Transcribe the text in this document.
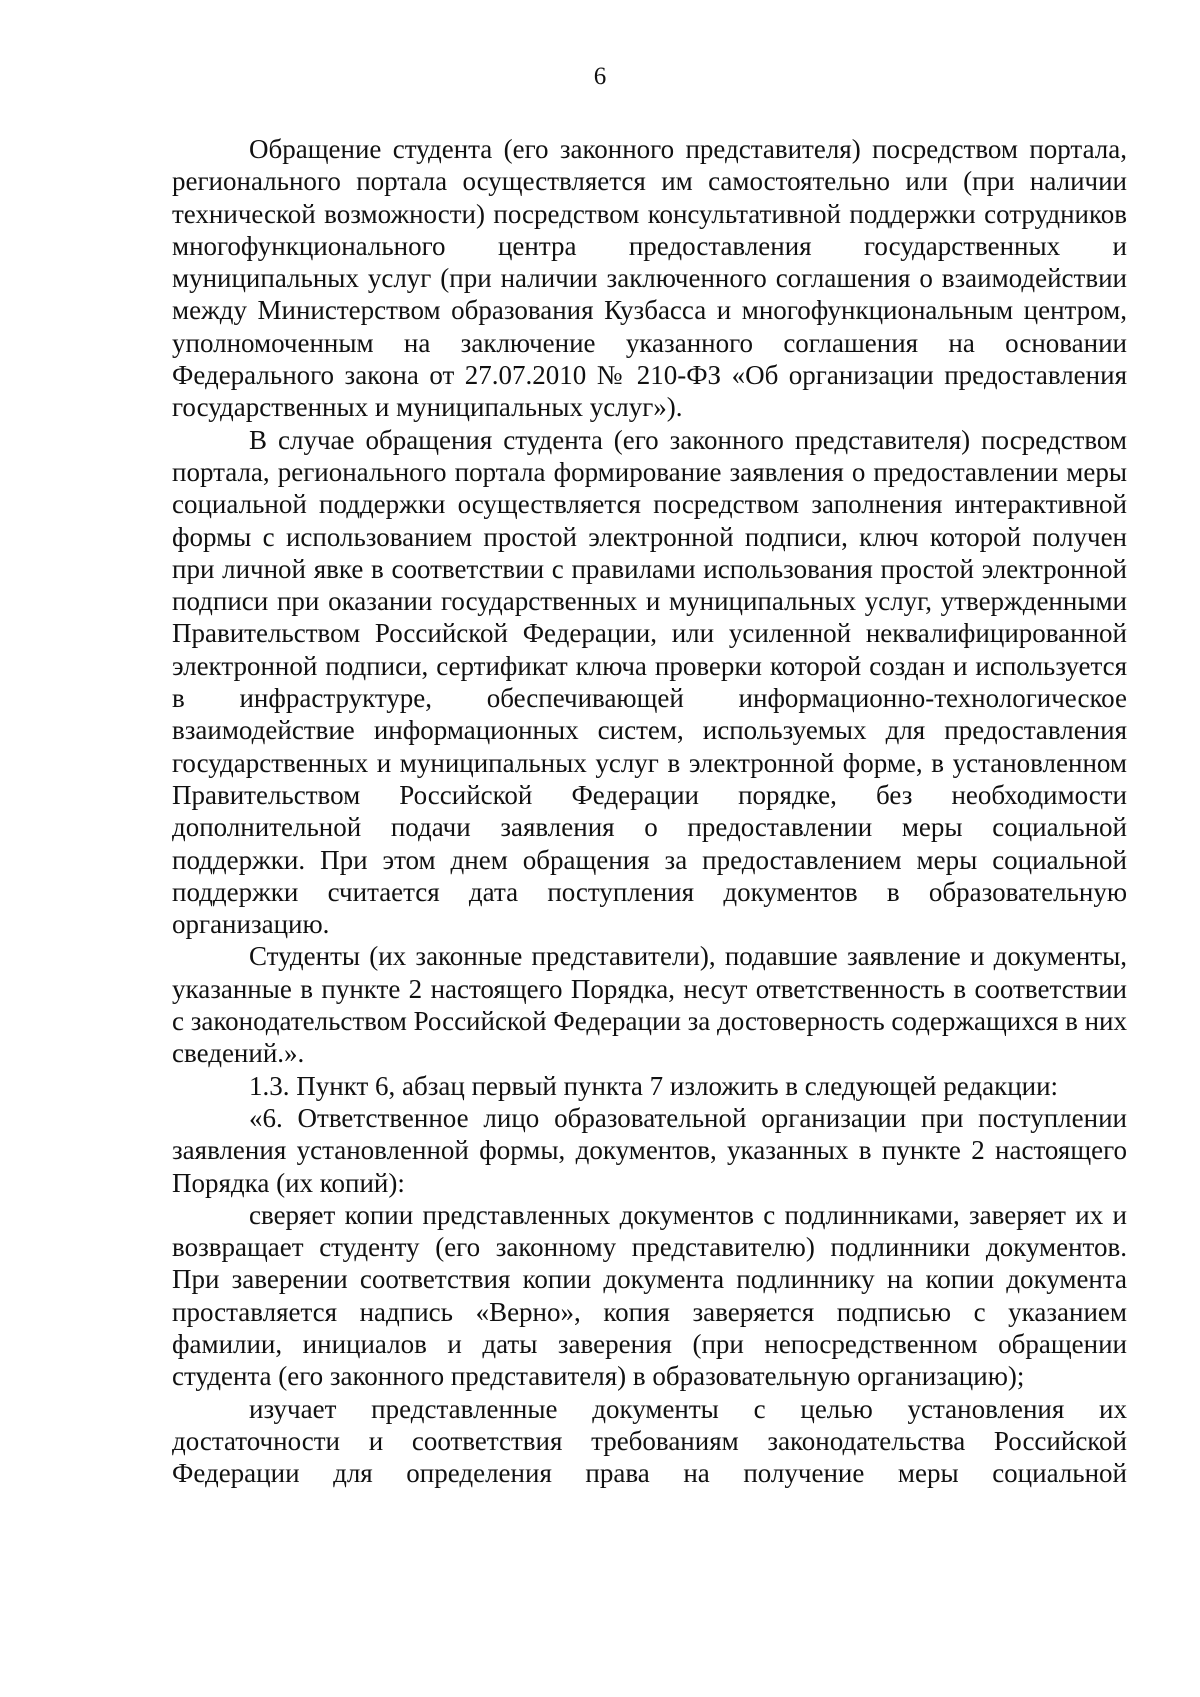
6

Обращение студента (его законного представителя) посредством портала, регионального портала осуществляется им самостоятельно или (при наличии технической возможности) посредством консультативной поддержки сотрудников многофункционального центра предоставления государственных и муниципальных услуг (при наличии заключенного соглашения о взаимодействии между Министерством образования Кузбасса и многофункциональным центром, уполномоченным на заключение указанного соглашения на основании Федерального закона от 27.07.2010 № 210-ФЗ «Об организации предоставления государственных и муниципальных услуг»).

В случае обращения студента (его законного представителя) посредством портала, регионального портала формирование заявления о предоставлении меры социальной поддержки осуществляется посредством заполнения интерактивной формы с использованием простой электронной подписи, ключ которой получен при личной явке в соответствии с правилами использования простой электронной подписи при оказании государственных и муниципальных услуг, утвержденными Правительством Российской Федерации, или усиленной неквалифицированной электронной подписи, сертификат ключа проверки которой создан и используется в инфраструктуре, обеспечивающей информационно-технологическое взаимодействие информационных систем, используемых для предоставления государственных и муниципальных услуг в электронной форме, в установленном Правительством Российской Федерации порядке, без необходимости дополнительной подачи заявления о предоставлении меры социальной поддержки. При этом днем обращения за предоставлением меры социальной поддержки считается дата поступления документов в образовательную организацию.

Студенты (их законные представители), подавшие заявление и документы, указанные в пункте 2 настоящего Порядка, несут ответственность в соответствии с законодательством Российской Федерации за достоверность содержащихся в них сведений.».

1.3. Пункт 6, абзац первый пункта 7 изложить в следующей редакции:

«6. Ответственное лицо образовательной организации при поступлении заявления установленной формы, документов, указанных в пункте 2 настоящего Порядка (их копий):

сверяет копии представленных документов с подлинниками, заверяет их и возвращает студенту (его законному представителю) подлинники документов. При заверении соответствия копии документа подлиннику на копии документа проставляется надпись «Верно», копия заверяется подписью с указанием фамилии, инициалов и даты заверения (при непосредственном обращении студента (его законного представителя) в образовательную организацию);

изучает представленные документы с целью установления их достаточности и соответствия требованиям законодательства Российской Федерации для определения права на получение меры социальной
